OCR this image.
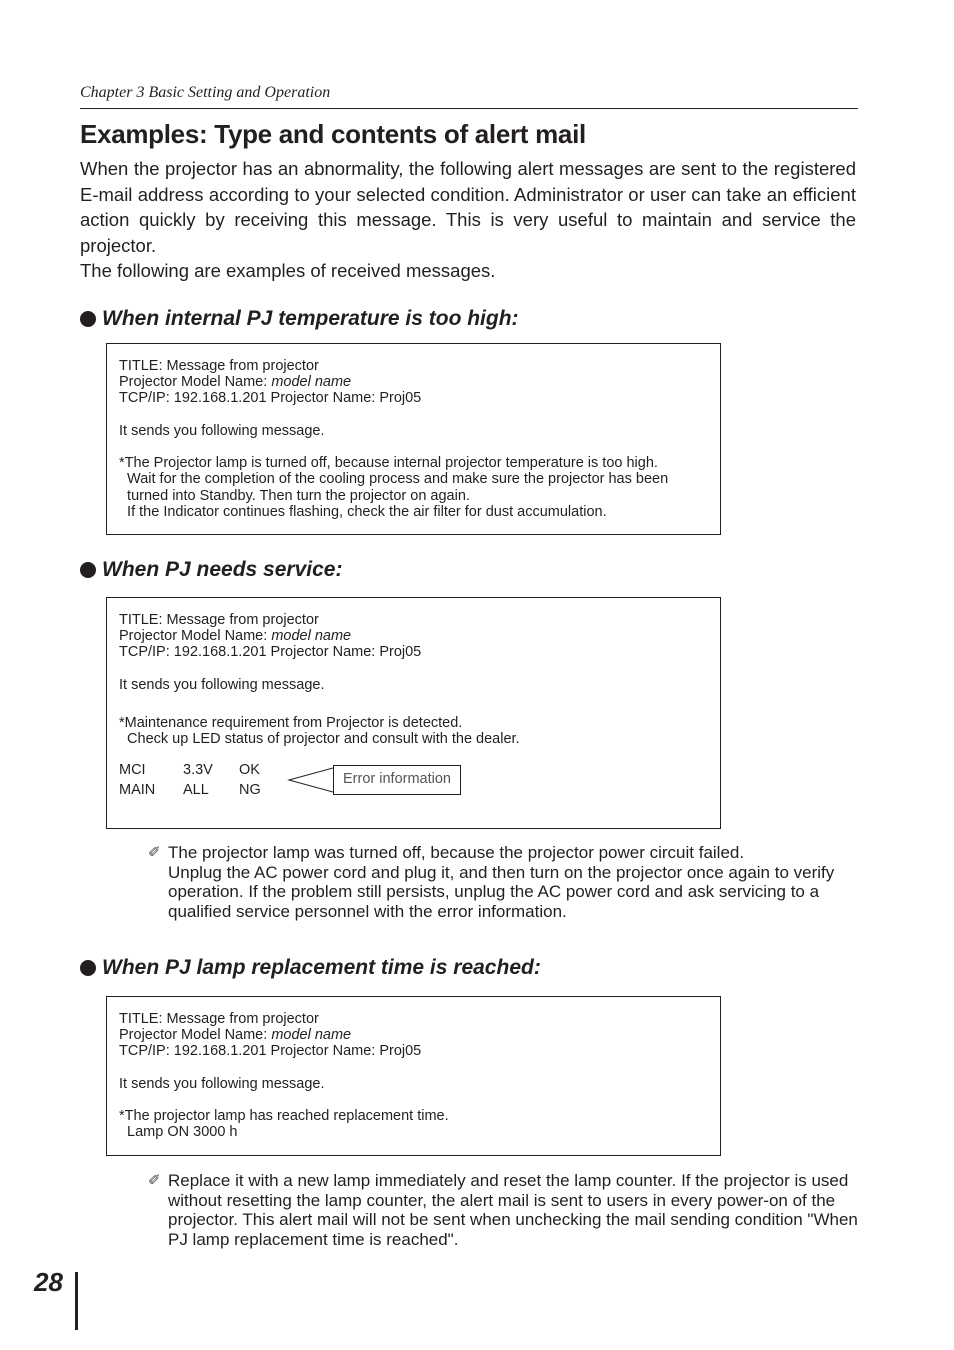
Chapter 3 Basic Setting and Operation
Examples: Type and contents of alert mail

When the projector has an abnormality, the following alert messages are sent to the registered E-mail address according to your selected condition. Administrator or user can take an efficient action quickly by receiving this message. This is very useful to maintain and service the projector.

The following are examples of received messages.

When internal PJ temperature is too high:
TITLE: Message from projector
Projector Model Name: model name
TCP/IP: 192.168.1.201 Projector Name: Proj05
It sends you following message.
*The Projector lamp is turned off, because internal projector temperature is too high.
Wait for the completion of the cooling process and make sure the projector has been
turned into Standby. Then turn the projector on again.
If the Indicator continues flashing, check the air filter for dust accumulation.
When PJ needs service:
TITLE: Message from projector
Projector Model Name: model name
TCP/IP: 192.168.1.201 Projector Name: Proj05
It sends you following message.
*Maintenance requirement from Projector is detected.
Check up LED status of projector and consult with the dealer.
MCI
MAIN
3.3V
ALL
OK
NG
Error information
✐ The projector lamp was turned off, because the projector power circuit failed.

Unplug the AC power cord and plug it, and then turn on the projector once again to verify operation. If the problem still persists, unplug the AC power cord and ask servicing to a qualified service personnel with the error information.

When PJ lamp replacement time is reached:
TITLE: Message from projector
Projector Model Name: model name
TCP/IP: 192.168.1.201 Projector Name: Proj05
It sends you following message.
*The projector lamp has reached replacement time.
Lamp ON 3000 h
✐ Replace it with a new lamp immediately and reset the lamp counter. If the projector is used without resetting the lamp counter, the alert mail is sent to users in every power-on of the projector. This alert mail will not be sent when unchecking the mail sending condition "When PJ lamp replacement time is reached".

28
